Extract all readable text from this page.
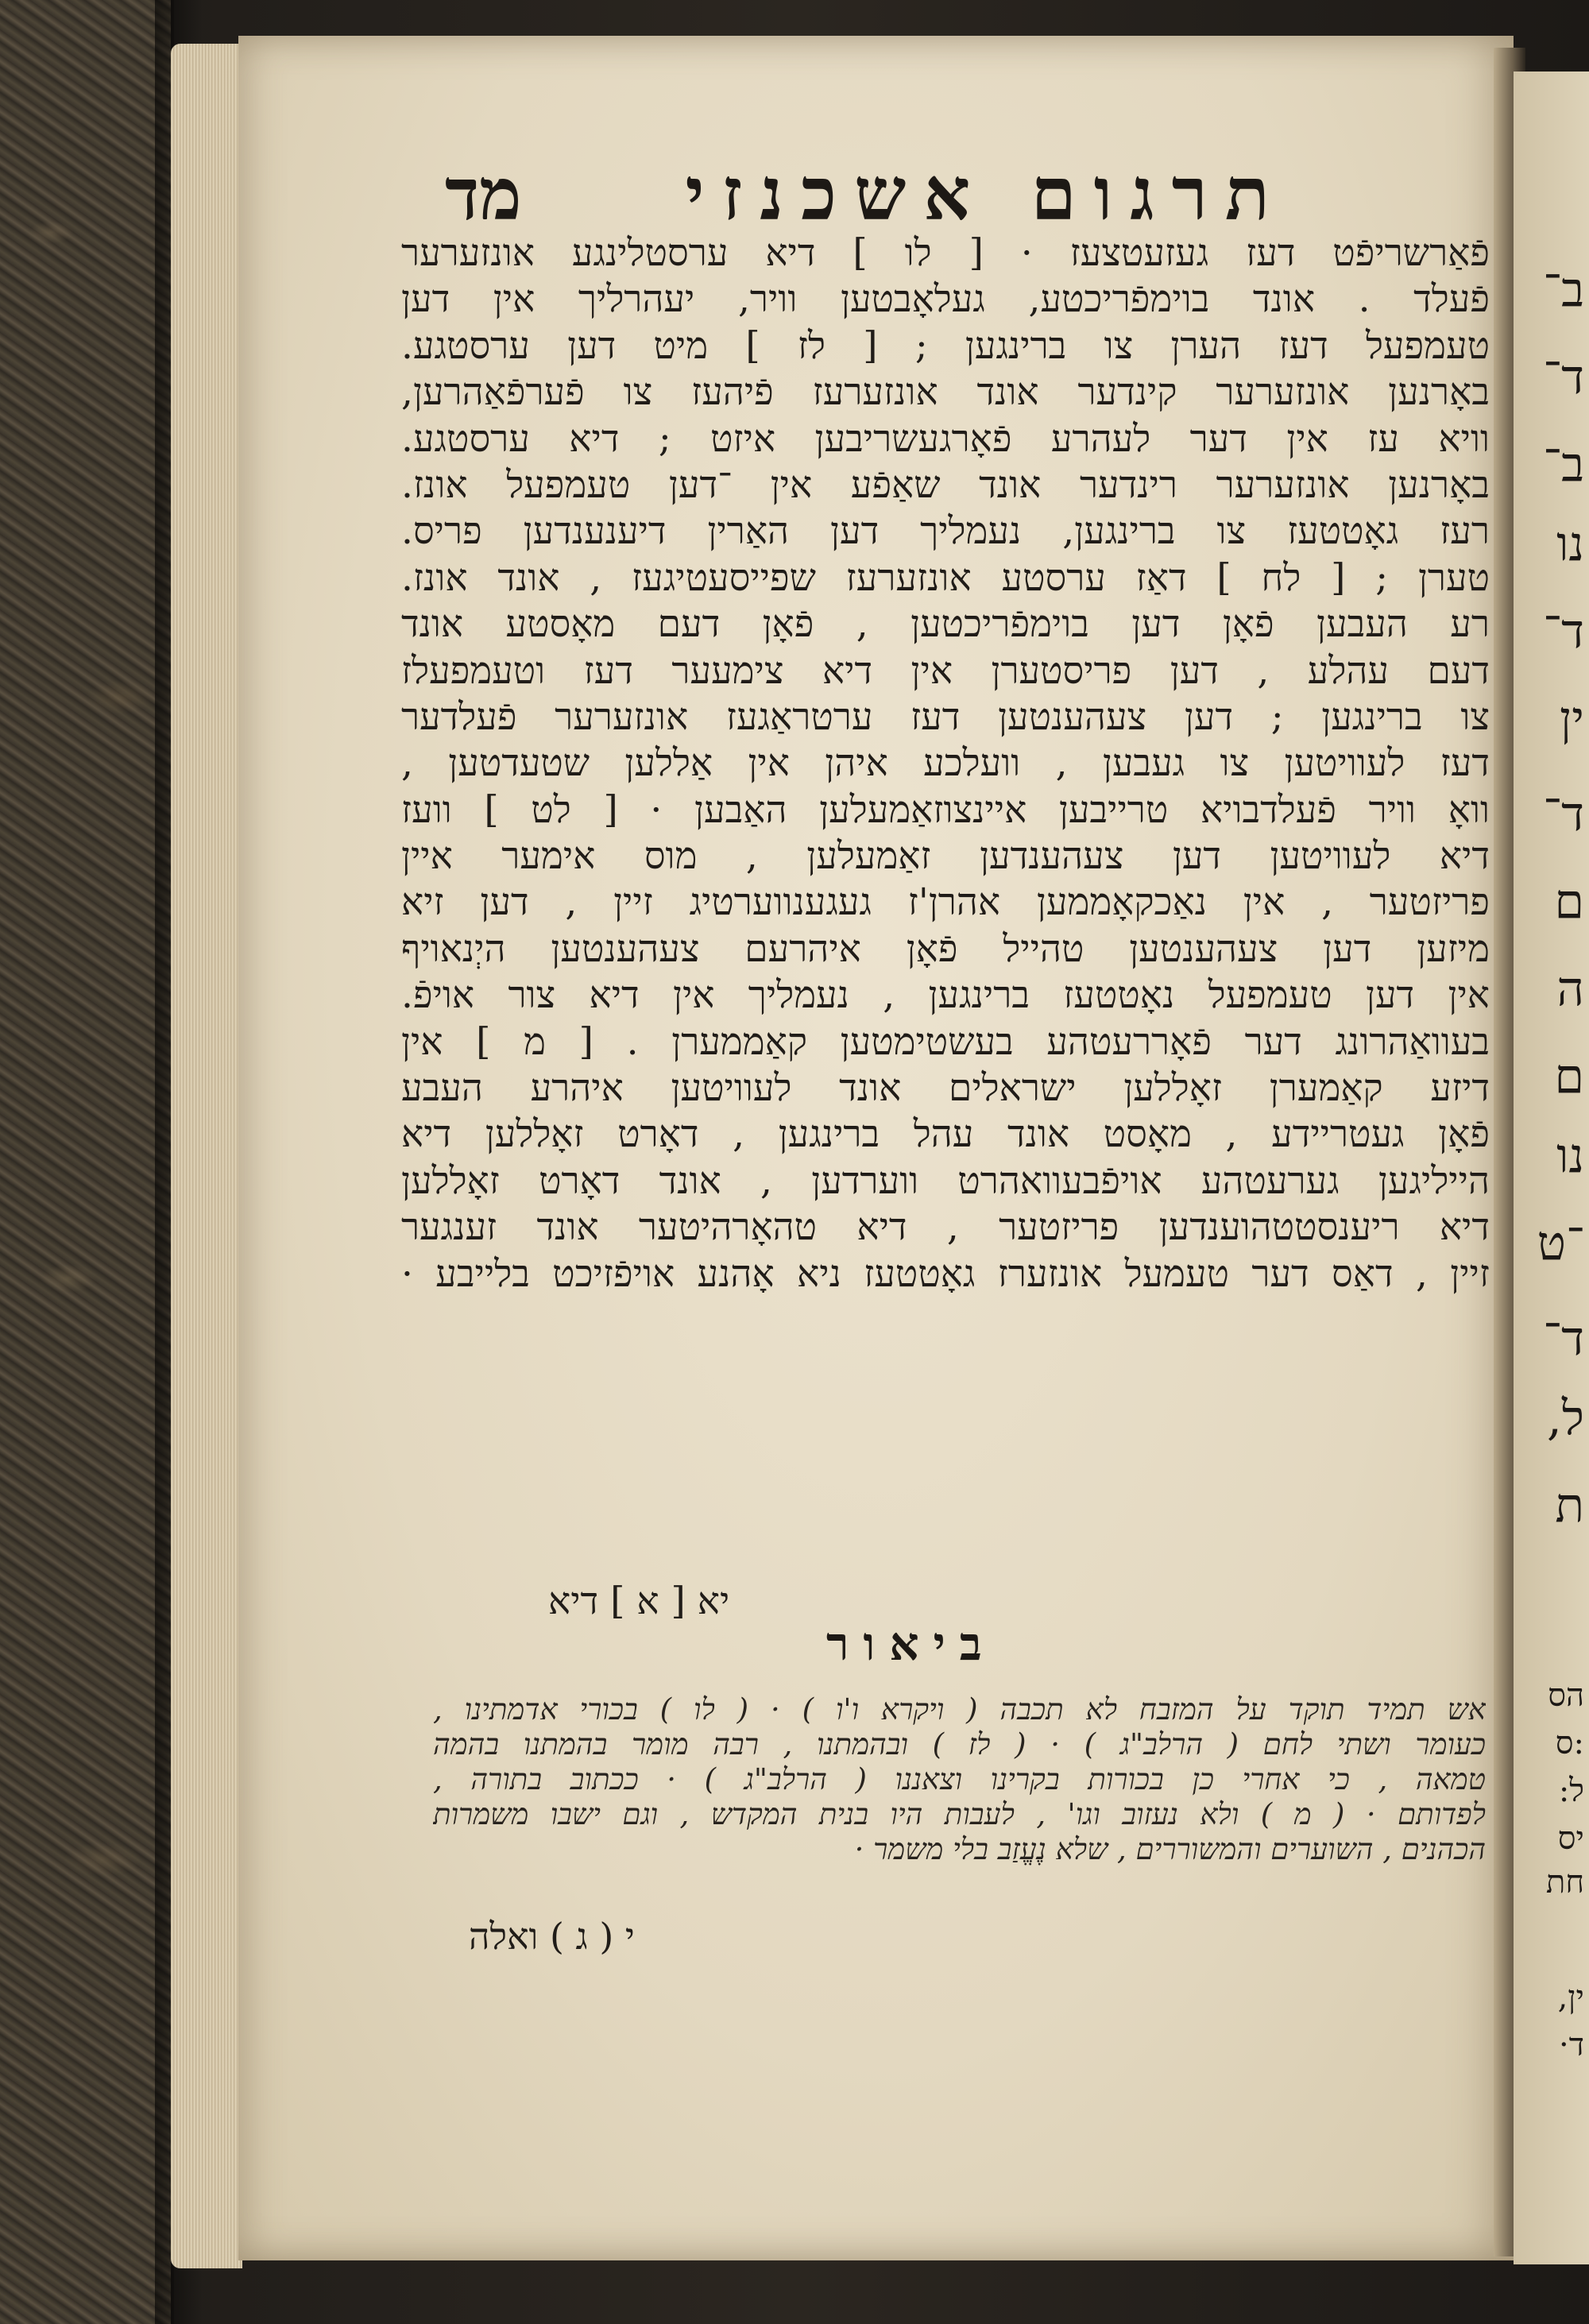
ב־
ד־
ב־
נו
ד־
ין
ד־
ם
ה
ם
נו
־ט
ד־
ל,
ת
הס
:ס
ל:
יס
חת
ין,
ד·
תרגום אשכנזי
מד
פֿאַרשריפֿט דעז געזעטצעז · [ לו ] דיא ערסטלינגע אונזערער
פֿעלד . אונד בוימפֿריכטע, געלאָבטען וויר, יעהרליך אין דען
טעמפעל דעז הערן צו ברינגען ; [ לז ] מיט דען ערסטגע.
באָרנען אונזערער קינדער אונד אונזערעז פֿיהעז צו פֿערפֿאַהרען,
וויא עז אין דער לעהרע פֿאָרגעשריבען איזט ; דיא ערסטגע.
באָרנען אונזערער רינדער אונד שאַפֿע אין ־דען טעמפעל אונז.
רעז גאָטטעז צו ברינגען, נעמליך דען האַרין דיענענדען פריס.
טערן ; [ לח ] דאַז ערסטע אונזערעז שפייסעטיגעז , אונד אונז.
רע העבען פֿאָן דען בוימפֿריכטען , פֿאָן דעם מאָסטע אונד
דעם עהלע , דען פריסטערן אין דיא צימעער דעז וטעמפעלז
צו ברינגען ; דען צעהענטען דעז ערטראַגעז אונזערער פֿעלדער
דעז לעוויטען צו געבען , וועלכע איהן אין אַללען שטעדטען ,
וואָ וויר פֿעלדבויא טרייבען איינצוזאַמעלען האַבען · [ לט ] וועז
דיא לעוויטען דען צעהענדען זאַמעלען , מוס אימער איין
פריזטער , אין נאַכקאָממען אהרן'ז געגענווערטיג זיין , דען זיא
מיזען דען צעהענטען טהייל פֿאָן איהרעם צעהענטען היְנאויף
אין דען טעמפעל נאָטטעז ברינגען , נעמליך אין דיא צור אויפֿ.
בעוואַהרונג דער פֿאָררעטהע בעשטימטען קאַממערן . [ מ ] אין
דיזע קאַמערן זאָללען ישראלים אונד לעוויטען איהרע העבע
פֿאָן געטריידע , מאָסט אונד עהל ברינגען , דאָרט זאָללען דיא
הייליגען גערעטהע אויפֿבעוואהרט ווערדען , אונד דאָרט זאָללען
דיא ריענסטטהוענדען פריזטער , דיא טהאָרהיטער אונד זענגער
זיין , דאַס דער טעמעל אונזערז גאָטטעז ניא אָהנע אויפֿזיכט בלייבע ·
יא [ א ] דיא
ביאור
אש תמיד תוקד על המזבח לא תכבה ( ויקרא ו'ו ) · ( לו ) בכורי אדמתינו ,
כעומר ושתי לחם ( הרלב"ג ) · ( לז ) ובהמתנו , רבה מומר בהמתנו בהמה
טמאה , כי אחרי כן בכורות בקרינו וצאננו ( הרלב"ג ) · ככתוב בתורה ,
לפדותם · ( מ ) ולא נעזוב וגו' , לעבות היו בנית המקדש , וגם ישבו משמרות
הכהנים , השוערים והמשוררים , שלא נֶעֱזַב בלי משמר ·
י ( ג ) ואלה
